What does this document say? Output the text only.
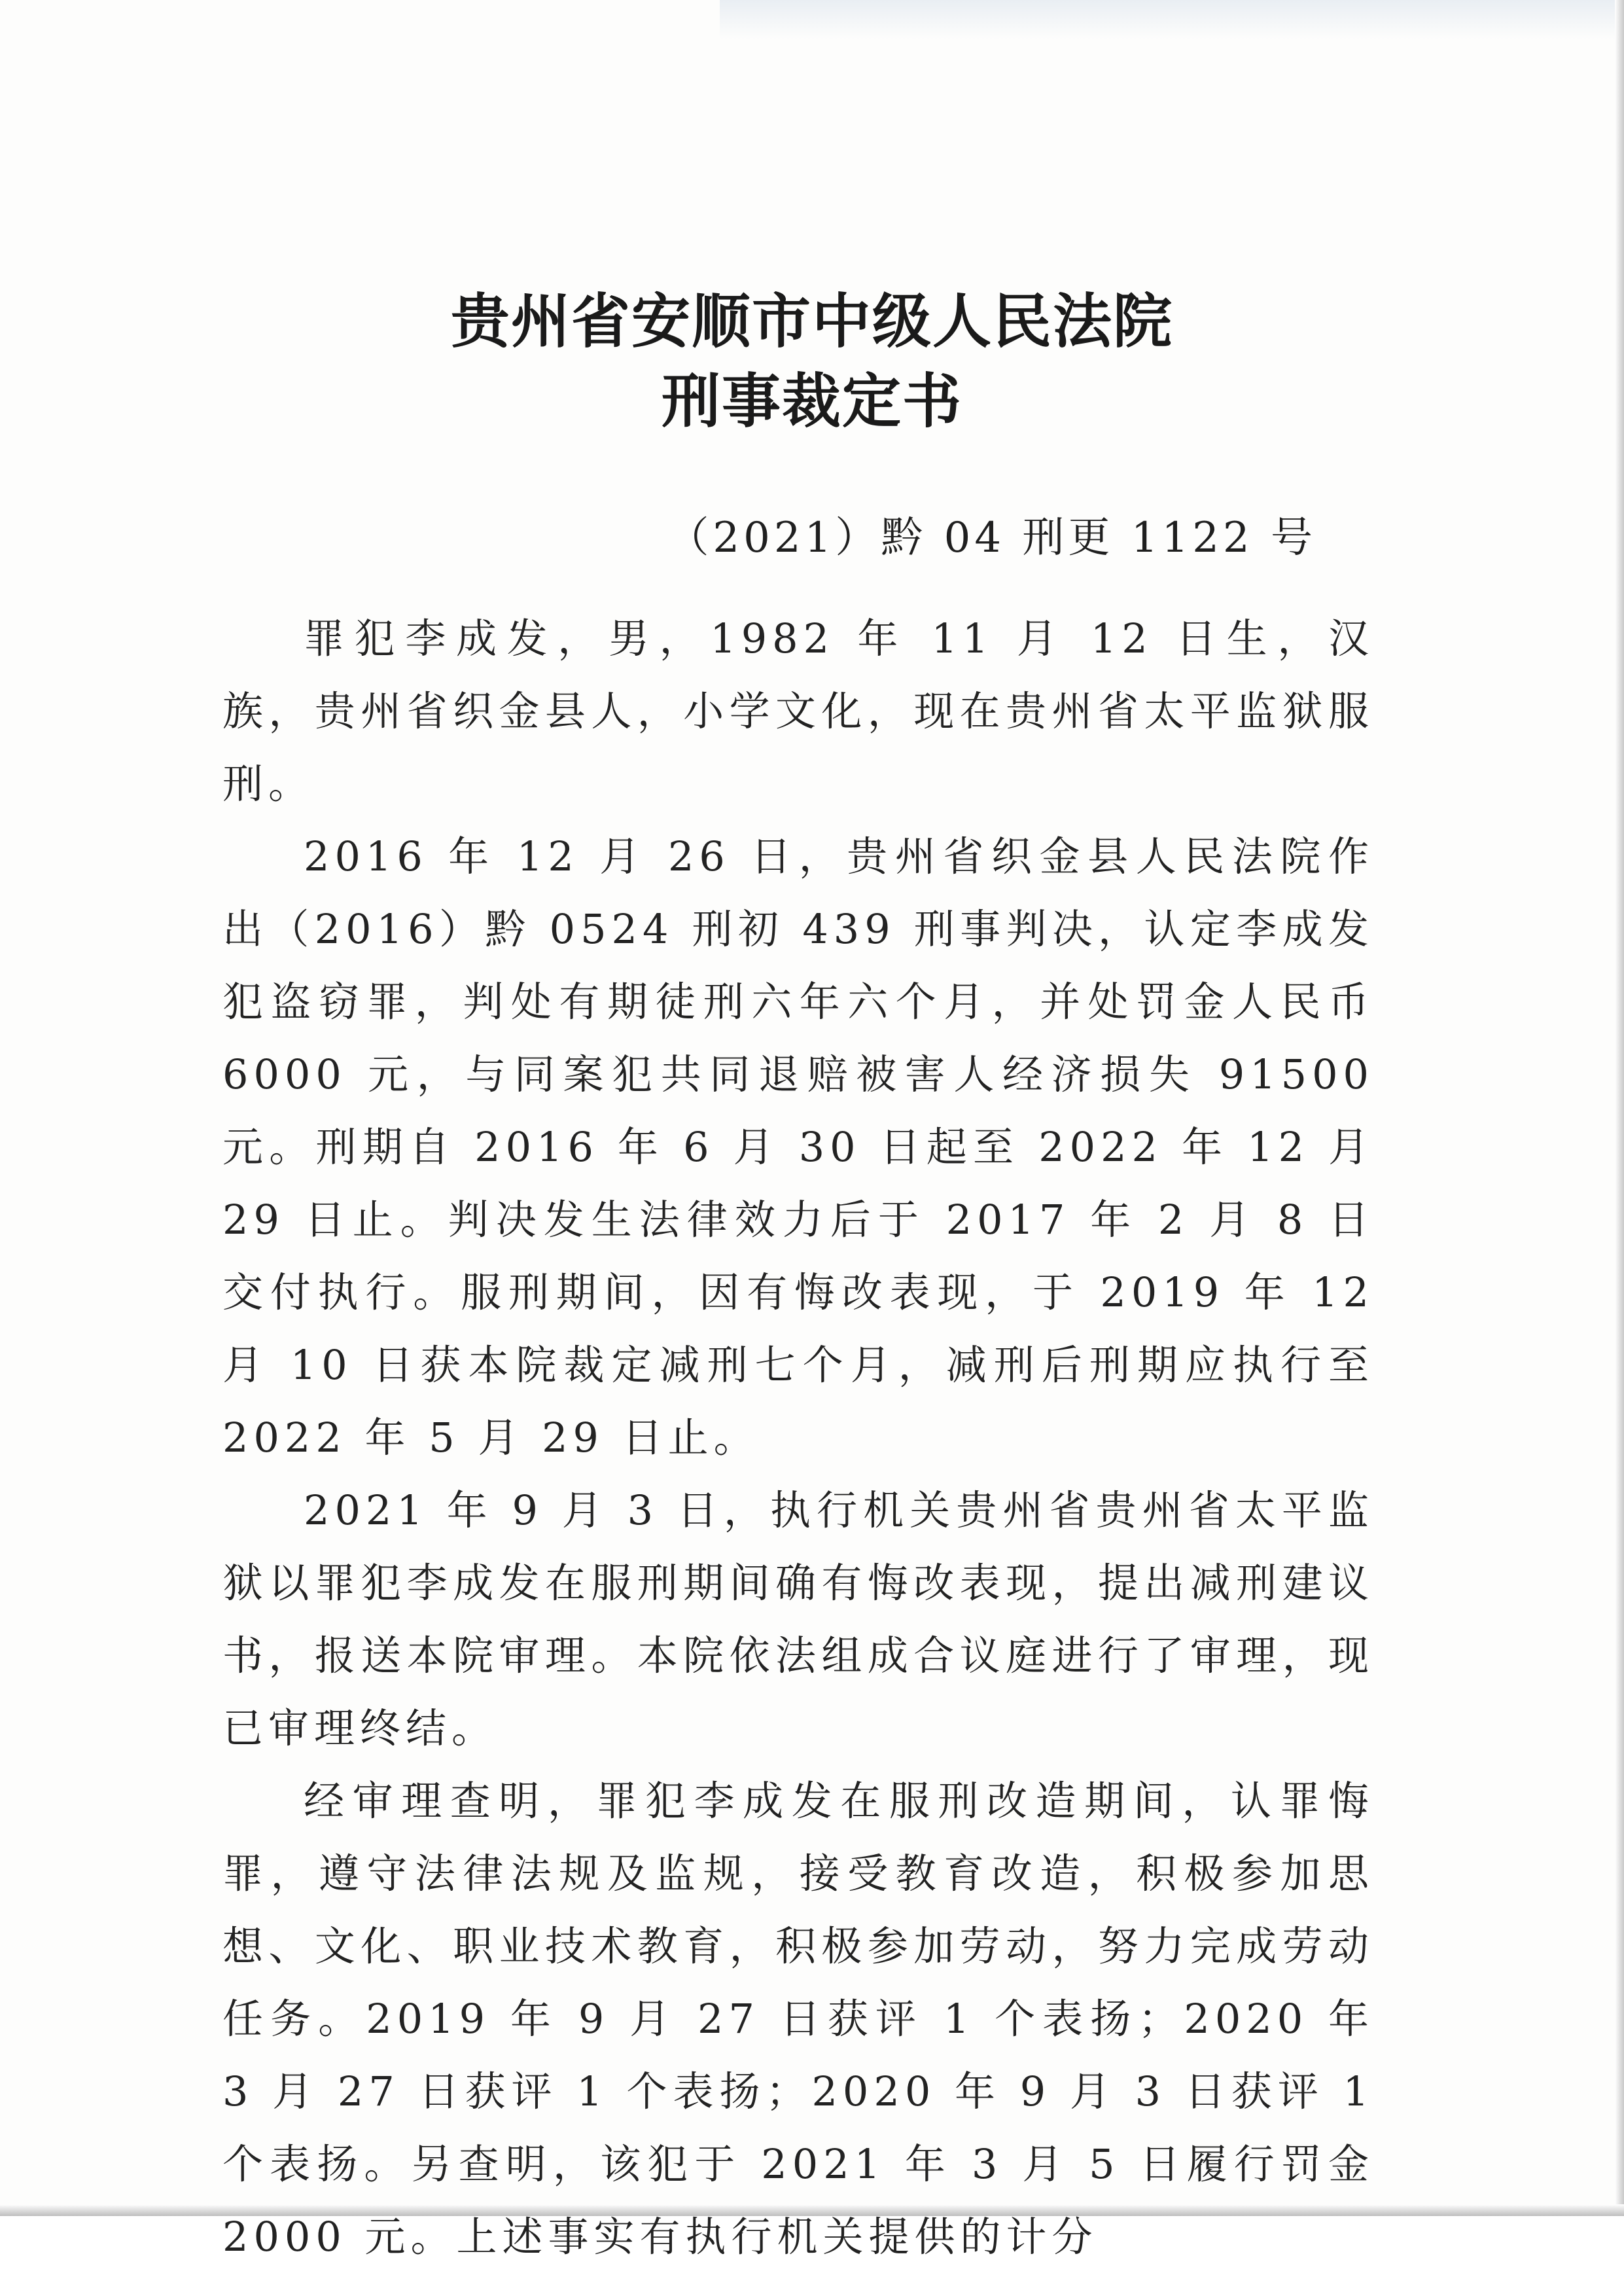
贵州省安顺市中级人民法院

刑事裁定书

（2021）黔 04 刑更 1122 号

罪犯李成发，男，1982 年 11 月 12 日生，汉族，贵州省织金县人，小学文化，现在贵州省太平监狱服刑。

2016 年 12 月 26 日，贵州省织金县人民法院作出（2016）黔 0524 刑初 439 刑事判决，认定李成发犯盗窃罪，判处有期徒刑六年六个月，并处罚金人民币 6000 元，与同案犯共同退赔被害人经济损失 91500 元。刑期自 2016 年 6 月 30 日起至 2022 年 12 月 29 日止。判决发生法律效力后于 2017 年 2 月 8 日交付执行。服刑期间，因有悔改表现，于 2019 年 12 月 10 日获本院裁定减刑七个月，减刑后刑期应执行至 2022 年 5 月 29 日止。

2021 年 9 月 3 日，执行机关贵州省贵州省太平监狱以罪犯李成发在服刑期间确有悔改表现，提出减刑建议书，报送本院审理。本院依法组成合议庭进行了审理，现已审理终结。

经审理查明，罪犯李成发在服刑改造期间，认罪悔罪，遵守法律法规及监规，接受教育改造，积极参加思想、文化、职业技术教育，积极参加劳动，努力完成劳动任务。2019 年 9 月 27 日获评 1 个表扬；2020 年 3 月 27 日获评 1 个表扬；2020 年 9 月 3 日获评 1 个表扬。另查明，该犯于 2021 年 3 月 5 日履行罚金 2000 元。上述事实有执行机关提供的计分
